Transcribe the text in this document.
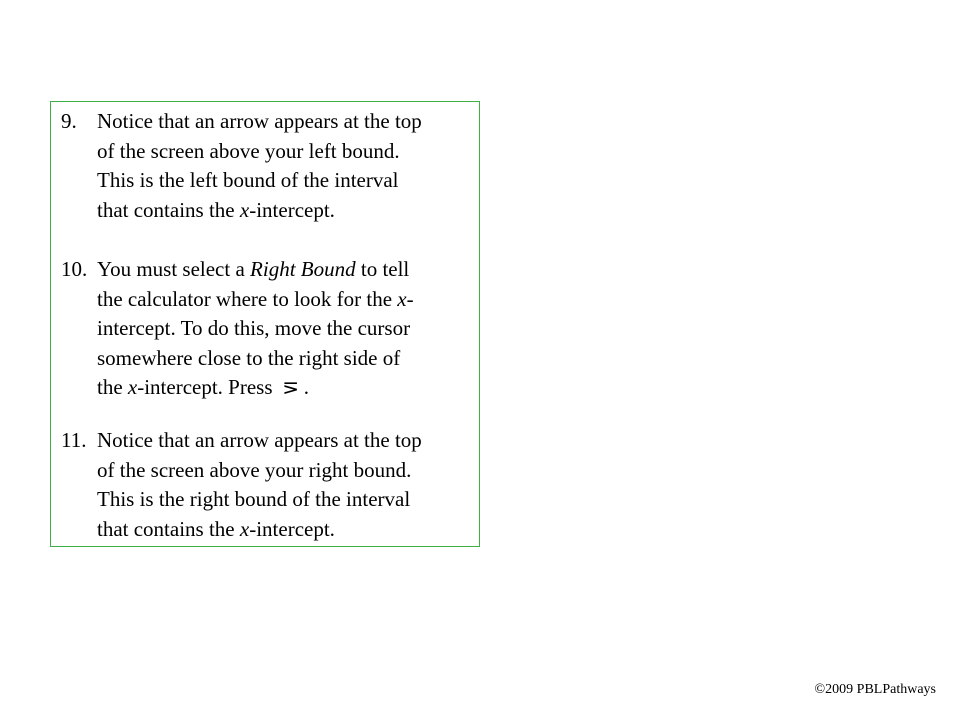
9. Notice that an arrow appears at the top
of the screen above your left bound.
This is the left bound of the interval
that contains the x-intercept.
10. You must select a Right Bound to tell
the calculator where to look for the x-
intercept. To do this, move the cursor
somewhere close to the right side of
the x-intercept. Press ⋝ .
11. Notice that an arrow appears at the top
of the screen above your right bound.
This is the right bound of the interval
that contains the x-intercept.
©2009 PBLPathways
